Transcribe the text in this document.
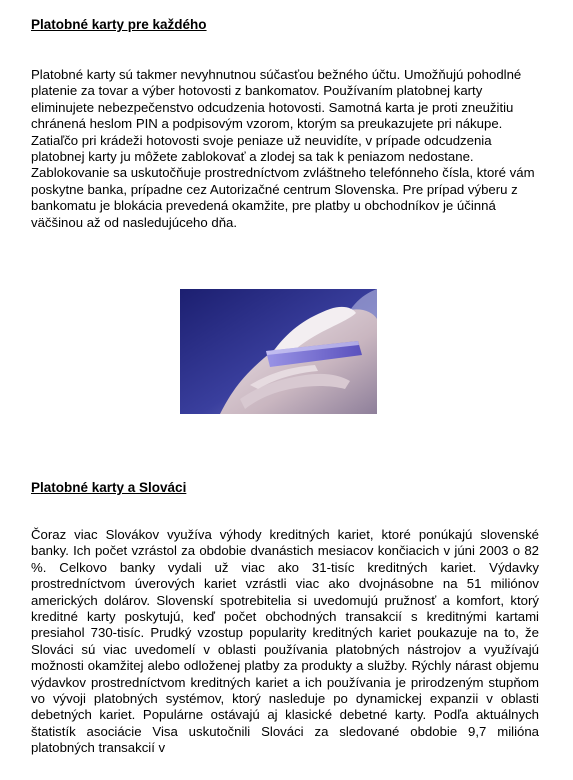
Platobné karty pre každého

Platobné karty sú takmer nevyhnutnou súčasťou bežného účtu. Umožňujú pohodlné platenie za tovar a výber hotovosti z bankomatov. Používaním platobnej karty eliminujete nebezpečenstvo odcudzenia hotovosti. Samotná karta je proti zneužitiu chránená heslom PIN a podpisovým vzorom, ktorým sa preukazujete pri nákupe. Zatiaľčo pri krádeži hotovosti svoje peniaze už neuvidíte, v prípade odcudzenia platobnej karty ju môžete zablokovať a zlodej sa tak k peniazom nedostane. Zablokovanie sa uskutočňuje prostredníctvom zvláštneho telefónneho čísla, ktoré vám poskytne banka, prípadne cez Autorizačné centrum Slovenska. Pre prípad výberu z bankomatu je blokácia prevedená okamžite, pre platby u obchodníkov je účinná väčšinou až od nasledujúceho dňa.

Platobné karty a Slováci

Čoraz viac Slovákov využíva výhody kreditných kariet, ktoré ponúkajú slovenské banky. Ich počet vzrástol za obdobie dvanástich mesiacov končiacich v júni 2003 o 82 %. Celkovo banky vydali už viac ako 31-tisíc kreditných kariet. Výdavky prostredníctvom úverových kariet vzrástli viac ako dvojnásobne na 51 miliónov amerických dolárov. Slovenskí spotrebitelia si uvedomujú pružnosť a komfort, ktorý kreditné karty poskytujú, keď počet obchodných transakcií s kreditnými kartami presiahol 730-tisíc. Prudký vzostup popularity kreditných kariet poukazuje na to, že Slováci sú viac uvedomelí v oblasti používania platobných nástrojov a využívajú možnosti okamžitej alebo odloženej platby za produkty a služby. Rýchly nárast objemu výdavkov prostredníctvom kreditných kariet a ich používania je prirodzeným stupňom vo vývoji platobných systémov, ktorý nasleduje po dynamickej expanzii v oblasti debetných kariet. Populárne ostávajú aj klasické debetné karty. Podľa aktuálnych štatistík asociácie Visa uskutočnili Slováci za sledované obdobie 9,7 milióna platobných transakcií v
